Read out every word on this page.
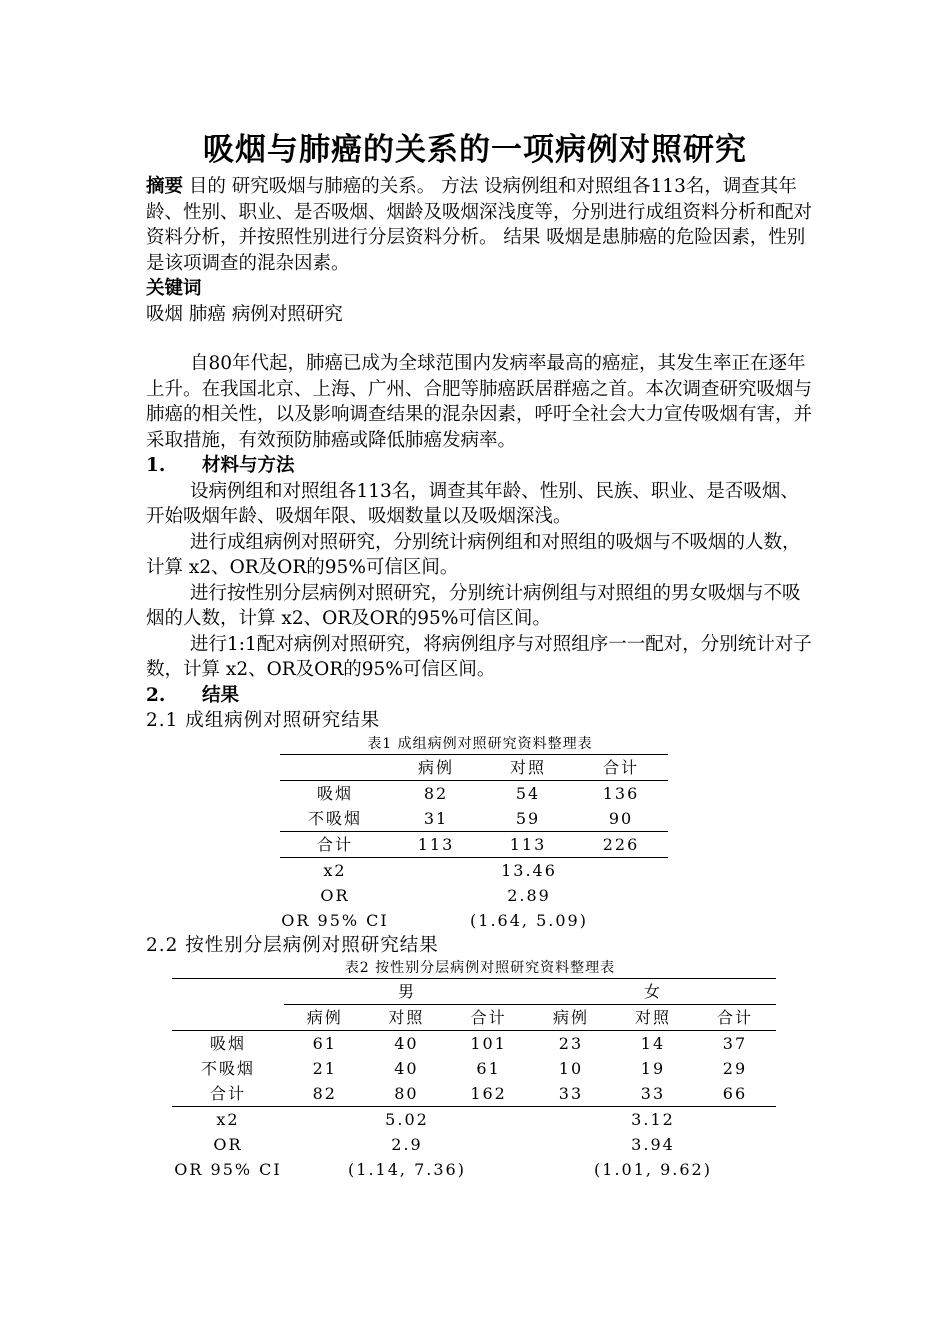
吸烟与肺癌的关系的一项病例对照研究

摘要 目的 研究吸烟与肺癌的关系。 方法 设病例组和对照组各113名，调查其年龄、性别、职业、是否吸烟、烟龄及吸烟深浅度等，分别进行成组资料分析和配对资料分析，并按照性别进行分层资料分析。 结果 吸烟是患肺癌的危险因素，性别是该项调查的混杂因素。

关键词

吸烟 肺癌 病例对照研究

自80年代起，肺癌已成为全球范围内发病率最高的癌症，其发生率正在逐年上升。在我国北京、上海、广州、合肥等肺癌跃居群癌之首。本次调查研究吸烟与肺癌的相关性，以及影响调查结果的混杂因素，呼吁全社会大力宣传吸烟有害，并采取措施，有效预防肺癌或降低肺癌发病率。

1. 材料与方法

设病例组和对照组各113名，调查其年龄、性别、民族、职业、是否吸烟、开始吸烟年龄、吸烟年限、吸烟数量以及吸烟深浅。

进行成组病例对照研究，分别统计病例组和对照组的吸烟与不吸烟的人数，计算 x2、OR及OR的95%可信区间。

进行按性别分层病例对照研究，分别统计病例组与对照组的男女吸烟与不吸烟的人数，计算 x2、OR及OR的95%可信区间。

进行1:1配对病例对照研究，将病例组序与对照组序一一配对，分别统计对子数，计算 x2、OR及OR的95%可信区间。

2. 结果

2.1 成组病例对照研究结果

表1 成组病例对照研究资料整理表
	病例	对照	合计
吸烟	82	54	136
不吸烟	31	59	90
合计	113	113	226
x2	13.46		
OR	2.89		
OR 95% CI	(1.64, 5.09)		

2.2 按性别分层病例对照研究结果

表2 按性别分层病例对照研究资料整理表
	男			女		
	病例	对照	合计	病例	对照	合计
吸烟	61	40	101	23	14	37
不吸烟	21	40	61	10	19	29
合计	82	80	162	33	33	66
x2	5.02			3.12		
OR	2.9			3.94		
OR 95% CI	(1.14, 7.36)			(1.01, 9.62)		
